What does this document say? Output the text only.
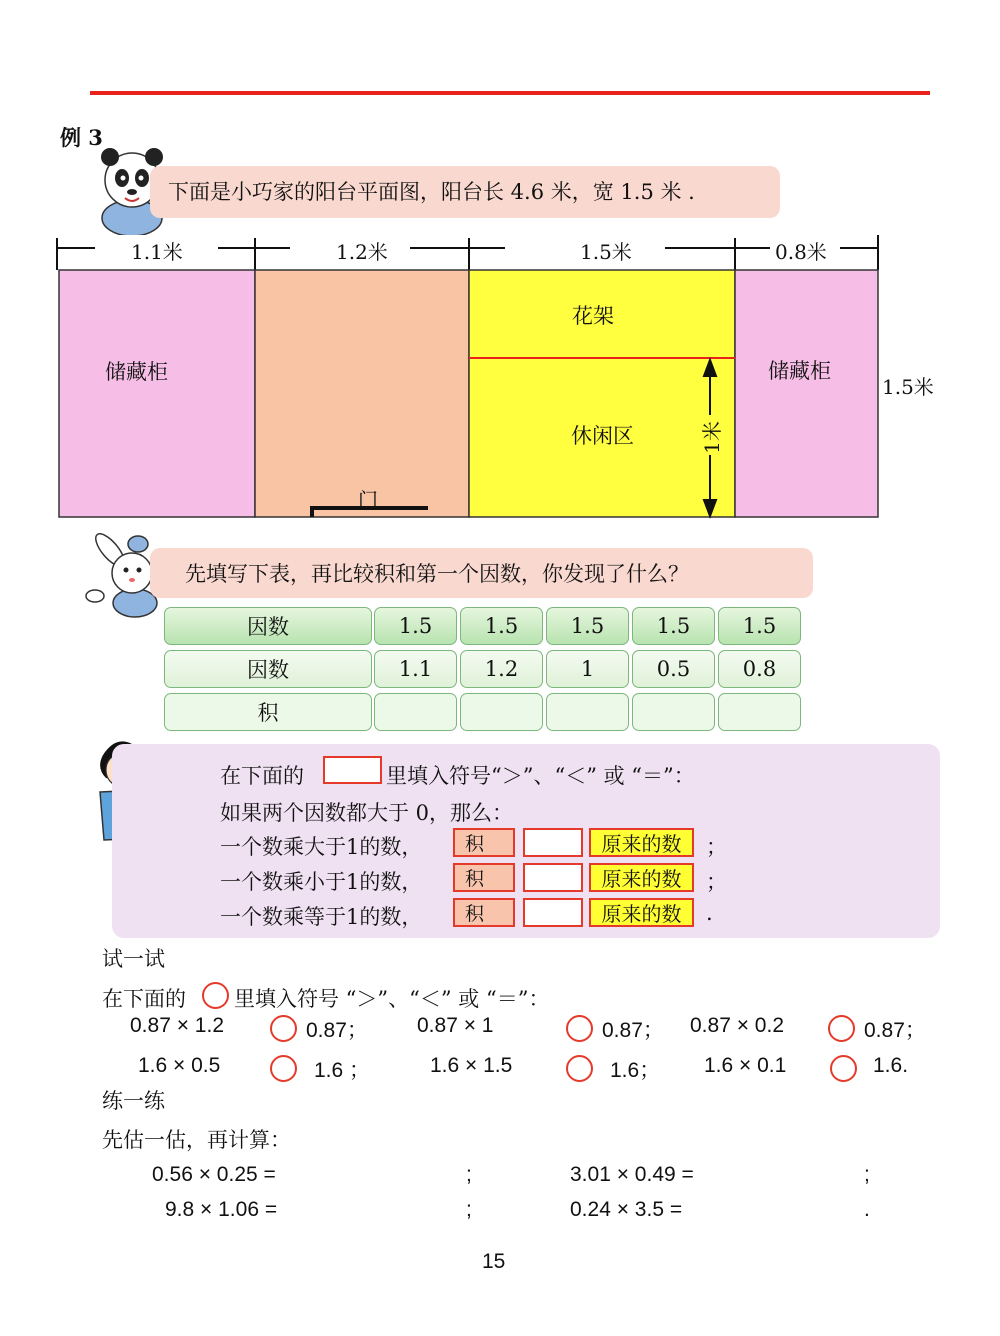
例 3
下面是小巧家的阳台平面图，阳台长 4.6 米，宽 1.5 米 .
1.1米	1.2米	1.5米	0.8米
1.5米
1米
储藏柜	储藏柜
花架
休闲区
门
先填写下表，再比较积和第一个因数，你发现了什么？
因数	1.5	1.5	1.5	1.5	1.5
因数	1.1	1.2	1	0.5	0.8
积
在下面的	里填入符号“＞”、“＜” 或 “＝”：
如果两个因数都大于 0，那么：
一个数乘大于1的数，	积	原来的数	；
一个数乘小于1的数，	积	原来的数	；
一个数乘等于1的数，	积	原来的数	.
试一试
在下面的 里填入符号 “＞”、“＜” 或 “＝”：
0.87 × 1.2	0.87； 0.87 × 1	0.87； 0.87 × 0.2	0.87；
1.6 × 0.5	1.6 ；	1.6 × 1.5	1.6； 1.6 × 0.1	1.6.
练一练
先估一估，再计算：
0.56 × 0.25 =	;	3.01 × 0.49 =	;
9.8 × 1.06 =	;	0.24 × 3.5 =	.
15
